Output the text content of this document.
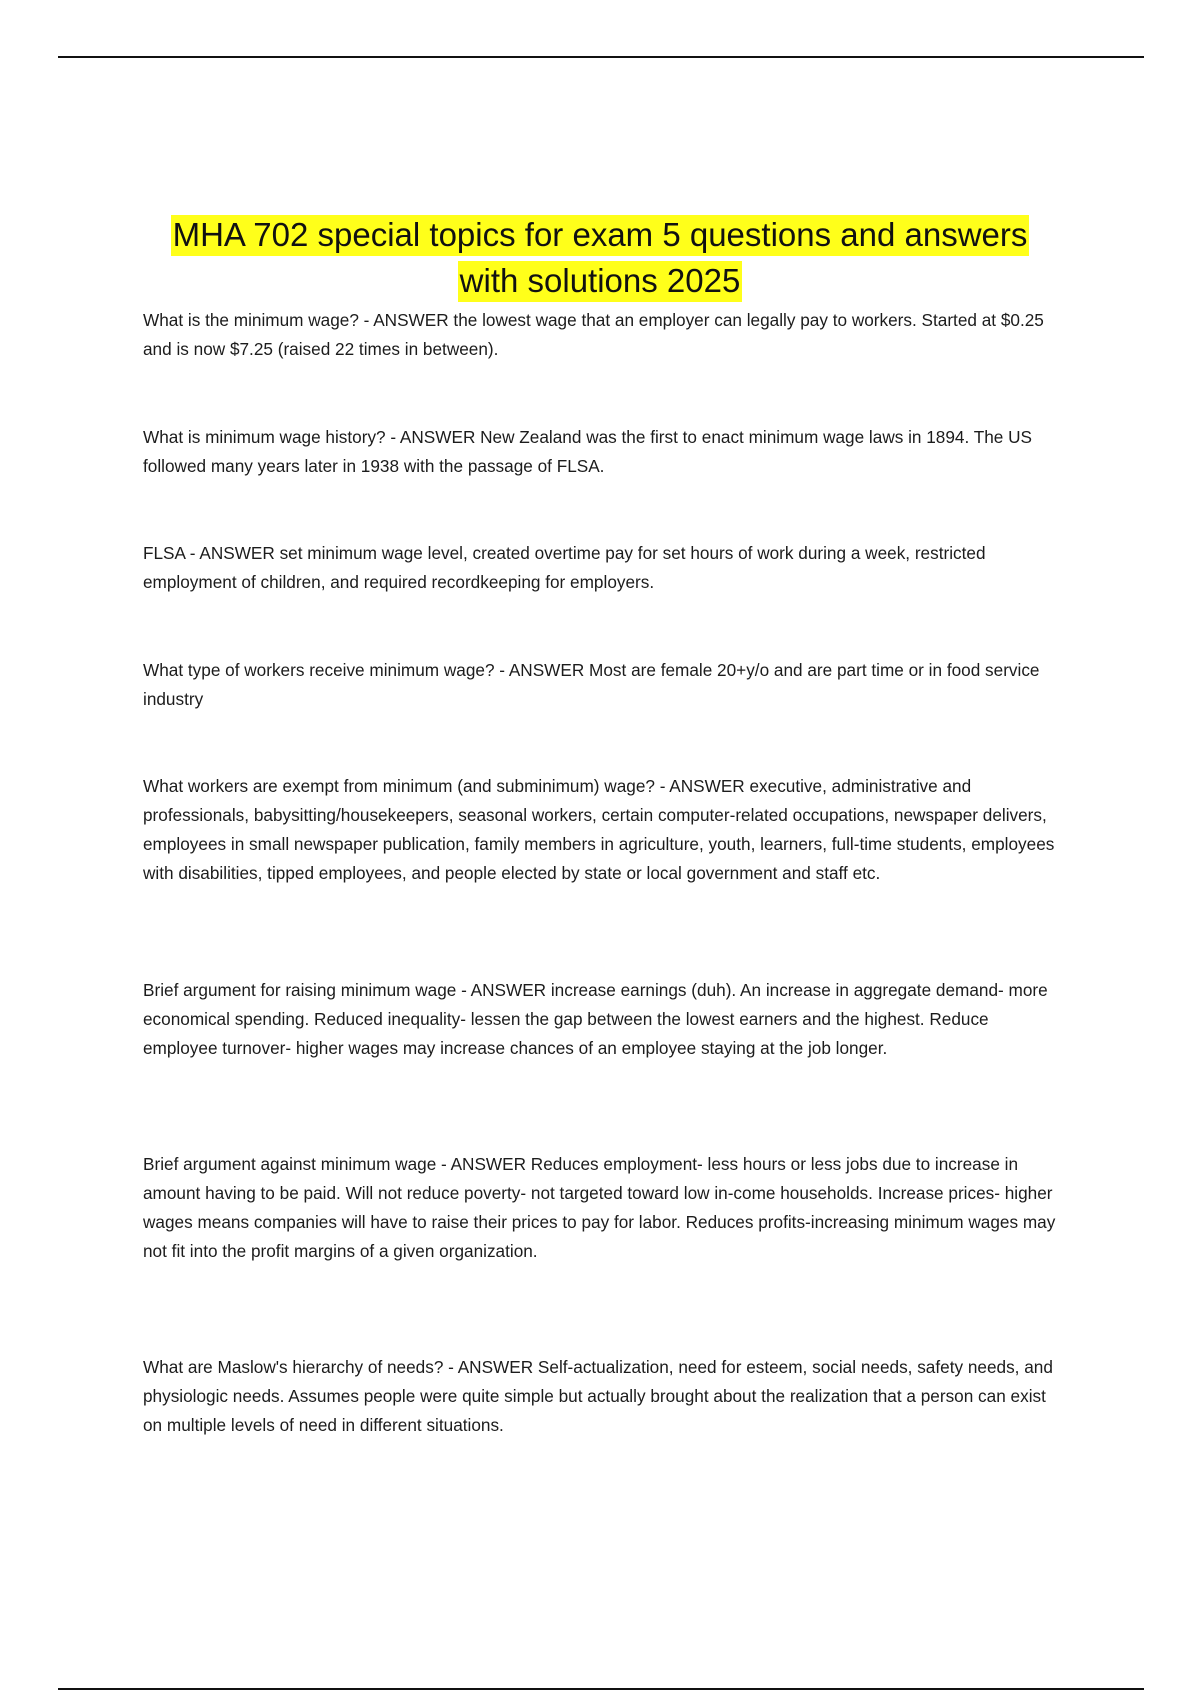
MHA 702 special topics for exam 5 questions and answers with solutions 2025

What is the minimum wage? - ANSWER the lowest wage that an employer can legally pay to workers. Started at $0.25 and is now $7.25 (raised 22 times in between).

What is minimum wage history? - ANSWER New Zealand was the first to enact minimum wage laws in 1894. The US followed many years later in 1938 with the passage of FLSA.

FLSA - ANSWER set minimum wage level, created overtime pay for set hours of work during a week, restricted employment of children, and required recordkeeping for employers.

What type of workers receive minimum wage? - ANSWER Most are female 20+y/o and are part time or in food service industry

What workers are exempt from minimum (and subminimum) wage? - ANSWER executive, administrative and professionals, babysitting/housekeepers, seasonal workers, certain computer-related occupations, newspaper delivers, employees in small newspaper publication, family members in agriculture, youth, learners, full-time students, employees with disabilities, tipped employees, and people elected by state or local government and staff etc.

Brief argument for raising minimum wage - ANSWER increase earnings (duh). An increase in aggregate demand- more economical spending. Reduced inequality- lessen the gap between the lowest earners and the highest. Reduce employee turnover- higher wages may increase chances of an employee staying at the job longer.

Brief argument against minimum wage - ANSWER Reduces employment- less hours or less jobs due to increase in amount having to be paid. Will not reduce poverty- not targeted toward low in-come households. Increase prices- higher wages means companies will have to raise their prices to pay for labor. Reduces profits-increasing minimum wages may not fit into the profit margins of a given organization.

What are Maslow's hierarchy of needs? - ANSWER Self-actualization, need for esteem, social needs, safety needs, and physiologic needs. Assumes people were quite simple but actually brought about the realization that a person can exist on multiple levels of need in different situations.
